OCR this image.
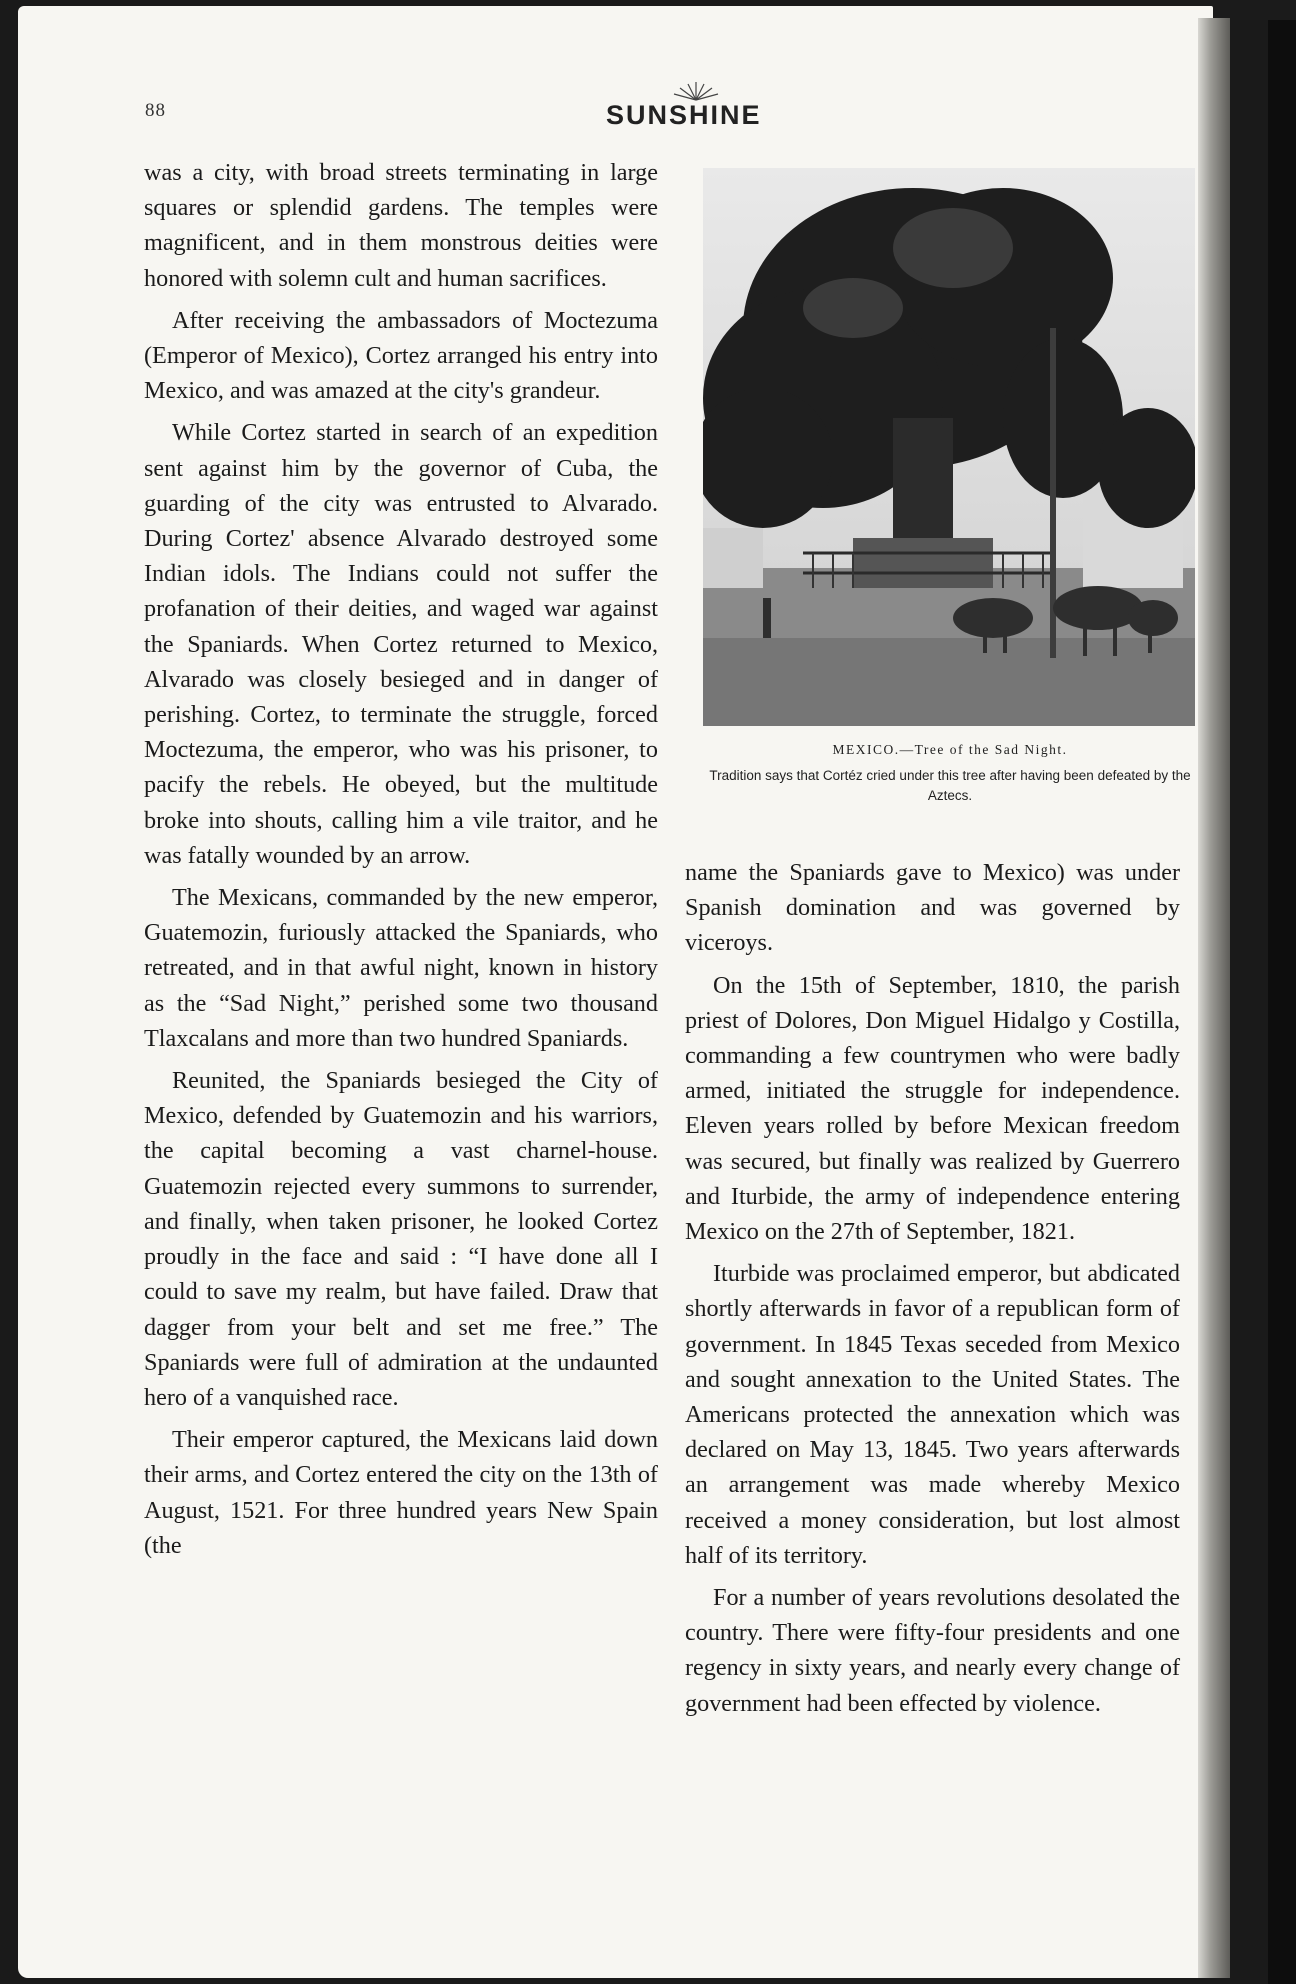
88	SUNSHINE

was a city, with broad streets terminating in large squares or splendid gardens. The temples were magnificent, and in them monstrous deities were honored with solemn cult and human sacrifices.

After receiving the ambassadors of Moctezuma (Emperor of Mexico), Cortez arranged his entry into Mexico, and was amazed at the city's grandeur.

While Cortez started in search of an expedition sent against him by the governor of Cuba, the guarding of the city was entrusted to Alvarado. During Cortez' absence Alvarado destroyed some Indian idols. The Indians could not suffer the profanation of their deities, and waged war against the Spaniards. When Cortez returned to Mexico, Alvarado was closely besieged and in danger of perishing. Cortez, to terminate the struggle, forced Moctezuma, the emperor, who was his prisoner, to pacify the rebels. He obeyed, but the multitude broke into shouts, calling him a vile traitor, and he was fatally wounded by an arrow.

The Mexicans, commanded by the new emperor, Guatemozin, furiously attacked the Spaniards, who retreated, and in that awful night, known in history as the “Sad Night,” perished some two thousand Tlaxcalans and more than two hundred Spaniards.

Reunited, the Spaniards besieged the City of Mexico, defended by Guatemozin and his warriors, the capital becoming a vast charnel-house. Guatemozin rejected every summons to surrender, and finally, when taken prisoner, he looked Cortez proudly in the face and said : “I have done all I could to save my realm, but have failed. Draw that dagger from your belt and set me free.” The Spaniards were full of admiration at the undaunted hero of a vanquished race.

Their emperor captured, the Mexicans laid down their arms, and Cortez entered the city on the 13th of August, 1521. For three hundred years New Spain (the

MEXICO.—Tree of the Sad Night.
Tradition says that Cortéz cried under this tree after having been defeated by the Aztecs.

name the Spaniards gave to Mexico) was under Spanish domination and was governed by viceroys.

On the 15th of September, 1810, the parish priest of Dolores, Don Miguel Hidalgo y Costilla, commanding a few countrymen who were badly armed, initiated the struggle for independence. Eleven years rolled by before Mexican freedom was secured, but finally was realized by Guerrero and Iturbide, the army of independence entering Mexico on the 27th of September, 1821.

Iturbide was proclaimed emperor, but abdicated shortly afterwards in favor of a republican form of government. In 1845 Texas seceded from Mexico and sought annexation to the United States. The Americans protected the annexation which was declared on May 13, 1845. Two years afterwards an arrangement was made whereby Mexico received a money consideration, but lost almost half of its territory.

For a number of years revolutions desolated the country. There were fifty-four presidents and one regency in sixty years, and nearly every change of government had been effected by violence.
